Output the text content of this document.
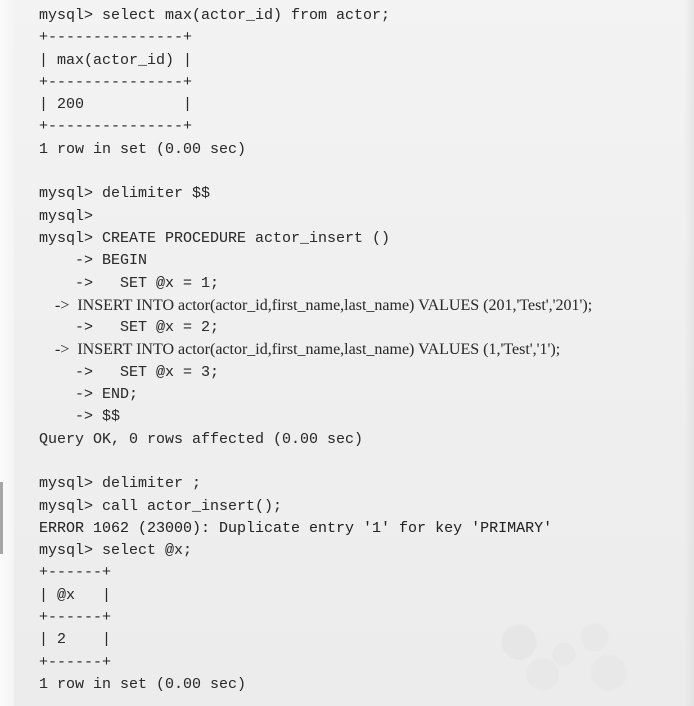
mysql> select max(actor_id) from actor;
+---------------+
| max(actor_id) |
+---------------+
| 200           |
+---------------+
1 row in set (0.00 sec)
mysql> delimiter $$
mysql>
mysql> CREATE PROCEDURE actor_insert ()
-> BEGIN
->   SET @x = 1;
->  INSERT INTO actor(actor_id,first_name,last_name) VALUES (201,'Test','201');
->   SET @x = 2;
->  INSERT INTO actor(actor_id,first_name,last_name) VALUES (1,'Test','1');
->   SET @x = 3;
-> END;
-> $$
Query OK, 0 rows affected (0.00 sec)
mysql> delimiter ;
mysql> call actor_insert();
ERROR 1062 (23000): Duplicate entry '1' for key 'PRIMARY'
mysql> select @x;
+------+
| @x   |
+------+
| 2    |
+------+
1 row in set (0.00 sec)
